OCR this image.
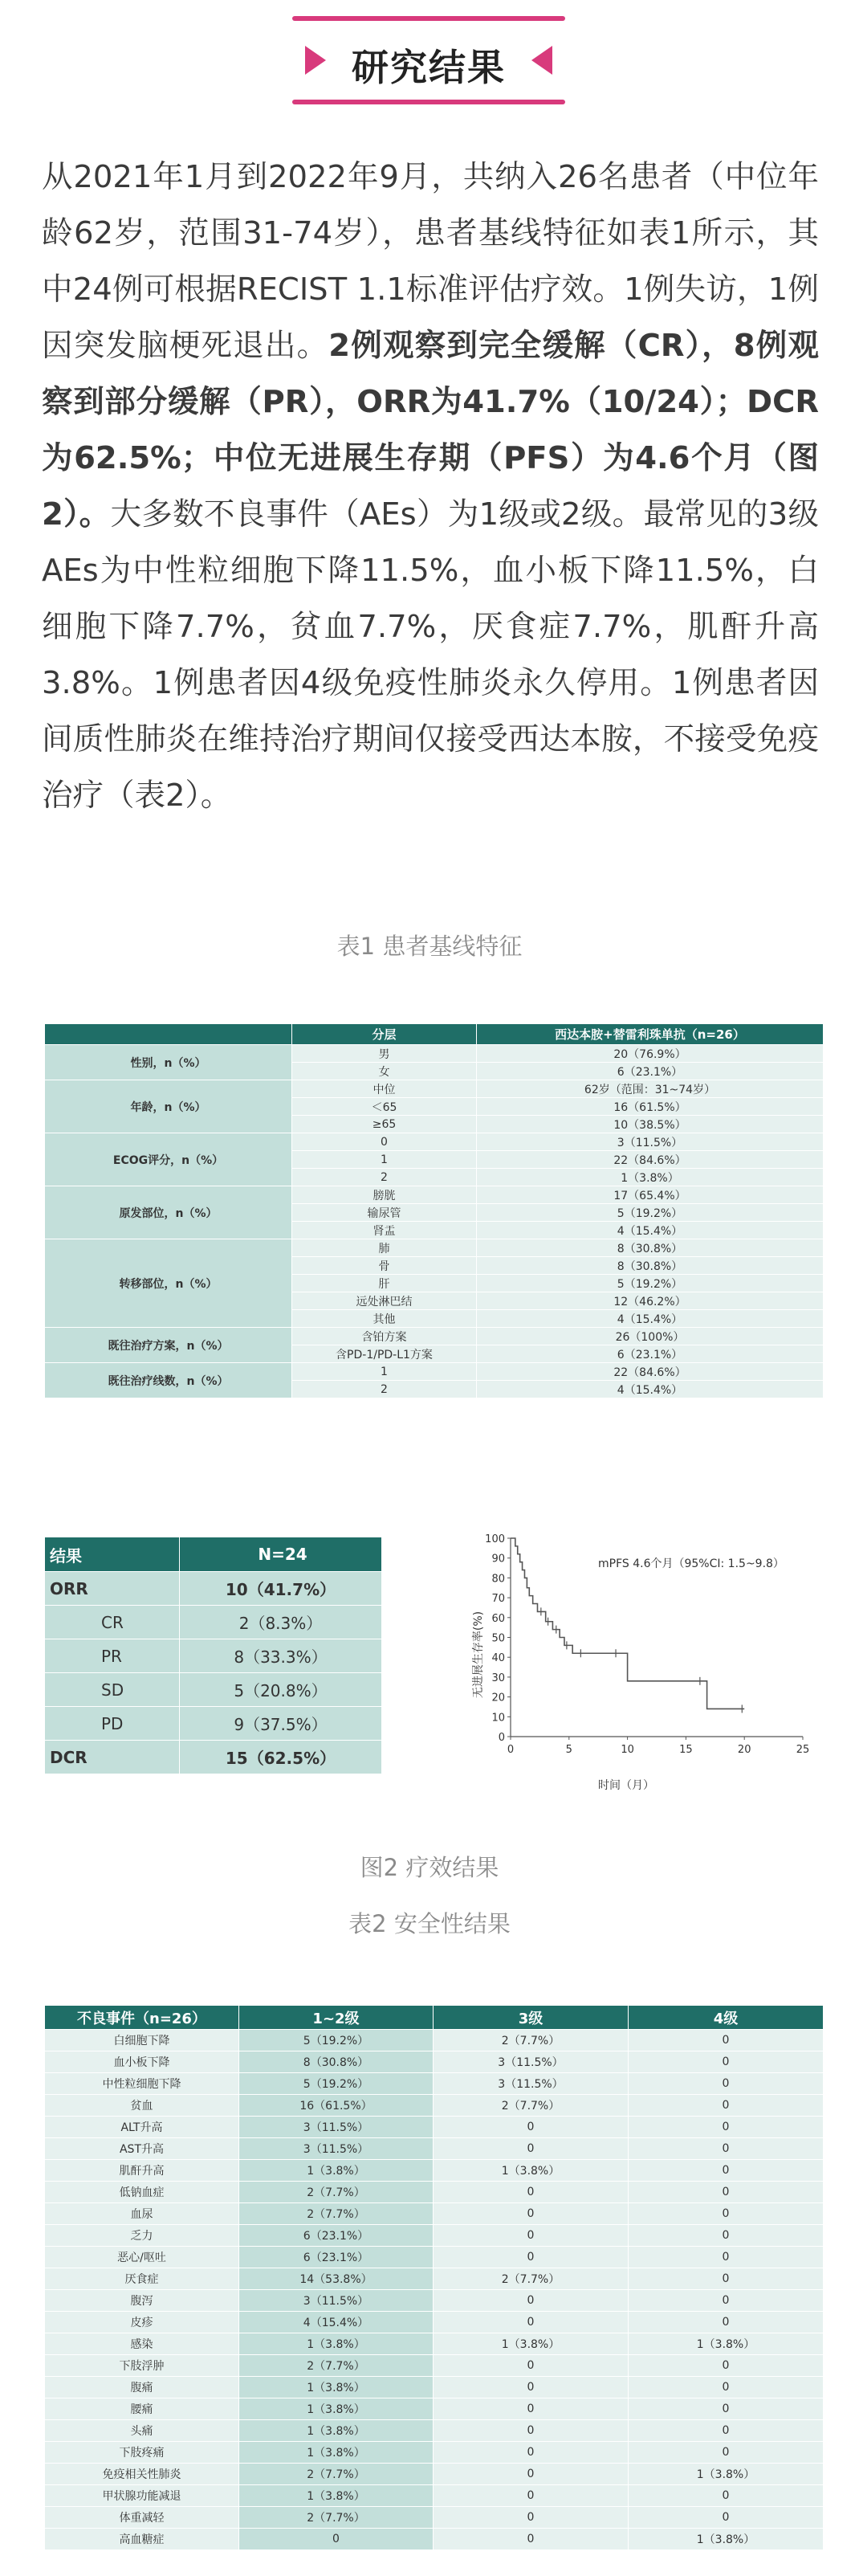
研究结果
从2021年1月到2022年9月，共纳入26名患者（中位年龄62岁，范围31-74岁），患者基线特征如表1所示，其中24例可根据RECIST 1.1标准评估疗效。1例失访，1例因突发脑梗死退出。2例观察到完全缓解（CR），8例观察到部分缓解（PR），ORR为41.7%（10/24）；DCR为62.5%；中位无进展生存期（PFS）为4.6个月（图2）。大多数不良事件（AEs）为1级或2级。最常见的3级AEs为中性粒细胞下降11.5%，血小板下降11.5%，白细胞下降7.7%，贫血7.7%，厌食症7.7%，肌酐升高3.8%。1例患者因4级免疫性肺炎永久停用。1例患者因间质性肺炎在维持治疗期间仅接受西达本胺，不接受免疫治疗（表2）。
表1 患者基线特征
	分层	西达本胺+替雷利珠单抗（n=26）
性别，n（%）	男	20（76.9%）
	女	6（23.1%）
年龄，n（%）	中位	62岁（范围：31~74岁）
	＜65	16（61.5%）
	≥65	10（38.5%）
ECOG评分，n（%）	0	3（11.5%）
	1	22（84.6%）
	2	1（3.8%）
原发部位，n（%）	膀胱	17（65.4%）
	输尿管	5（19.2%）
	肾盂	4（15.4%）
转移部位，n（%）	肺	8（30.8%）
	骨	8（30.8%）
	肝	5（19.2%）
	远处淋巴结	12（46.2%）
	其他	4（15.4%）
既往治疗方案，n（%）	含铂方案	26（100%）
	含PD-1/PD-L1方案	6（23.1%）
既往治疗线数，n（%）	1	22（84.6%）
	2	4（15.4%）
结果	N=24
ORR	10（41.7%）
CR	2（8.3%）
PR	8（33.3%）
SD	5（20.8%）
PD	9（37.5%）
DCR	15（62.5%）
0
10
20
30
40
50
60
70
80
90
100
0	5	10	15	20	25
mPFS 4.6个月（95%CI: 1.5~9.8）
时间（月）
无进展生存率(%)
图2 疗效结果
表2 安全性结果
不良事件（n=26）	1~2级	3级	4级
白细胞下降	5（19.2%）	2（7.7%）	0
血小板下降	8（30.8%）	3（11.5%）	0
中性粒细胞下降	5（19.2%）	3（11.5%）	0
贫血	16（61.5%）	2（7.7%）	0
ALT升高	3（11.5%）	0	0
AST升高	3（11.5%）	0	0
肌酐升高	1（3.8%）	1（3.8%）	0
低钠血症	2（7.7%）	0	0
血尿	2（7.7%）	0	0
乏力	6（23.1%）	0	0
恶心/呕吐	6（23.1%）	0	0
厌食症	14（53.8%）	2（7.7%）	0
腹泻	3（11.5%）	0	0
皮疹	4（15.4%）	0	0
感染	1（3.8%）	1（3.8%）	1（3.8%）
下肢浮肿	2（7.7%）	0	0
腹痛	1（3.8%）	0	0
腰痛	1（3.8%）	0	0
头痛	1（3.8%）	0	0
下肢疼痛	1（3.8%）	0	0
免疫相关性肺炎	2（7.7%）	0	1（3.8%）
甲状腺功能减退	1（3.8%）	0	0
体重减轻	2（7.7%）	0	0
高血糖症	0	0	1（3.8%）
